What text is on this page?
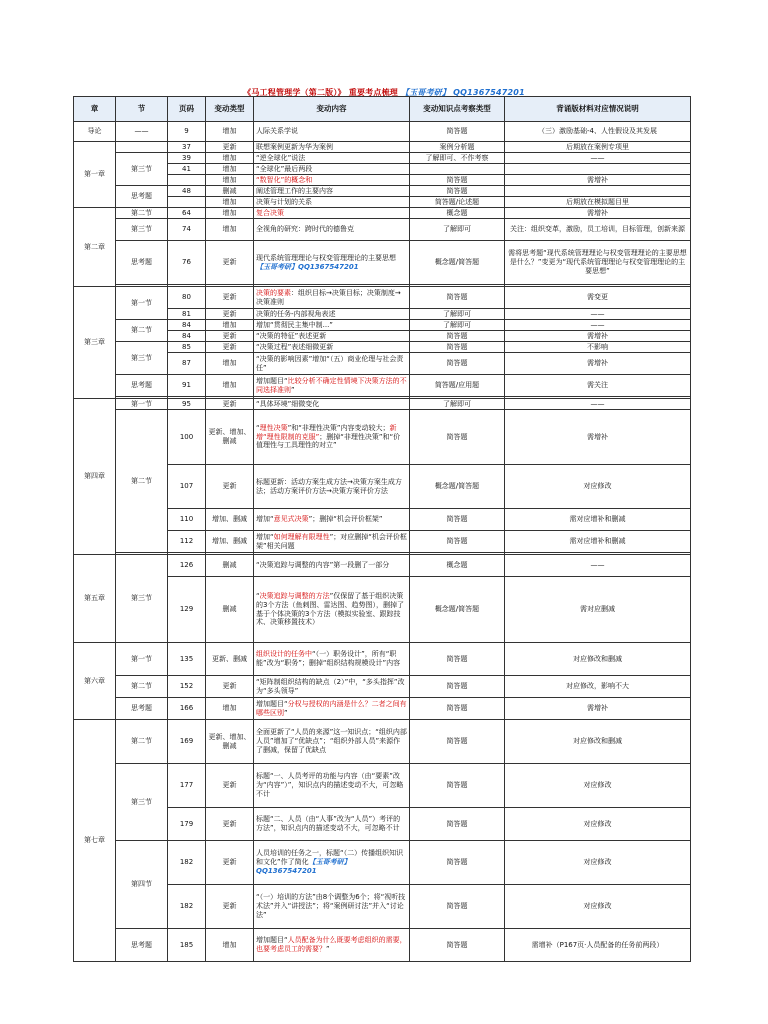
《马工程管理学（第二版）》 重要考点梳理 【玉哥考研】 QQ1367547201
章	节	页码	变动类型	变动内容	变动知识点考察类型	背诵版材料对应情况说明
导论	——	9	增加	人际关系学说	简答题	（三）激励基础-4、人性假设及其发展
第一章		37	更新	联想案例更新为华为案例	案例分析题	后期放在案例专项里
	第三节	39	增加	“逆全球化”说法	了解即可、不作考察	——
		41	增加	“全球化”最后两段		
			增加	“数智化”的概念和	简答题	需增补
	思考题	48	删减	阐述管理工作的主要内容	简答题	
			增加	决策与计划的关系	简答题/论述题	后期放在模拟题目里
第二章	第二节	64	增加	复合决策	概念题	需增补
	第三节	74	增加	全视角的研究：跨时代的德鲁克	了解即可	关注：组织变革，激励，员工培训，目标管理，创新来源
	思考题	76	更新	现代系统管理理论与权变管理理论的主要思想【玉哥考研】QQ1367547201	概念题/简答题	需将思考题“现代系统管理理论与权变管理理论的主要思想是什么？”变更为“现代系统管理理论与权变管理理论的主要思想”

第三章	第一节	80	更新	决策的要素：组织目标→决策目标；决策制度→决策准则	简答题	需变更
		81	更新	决策的任务-内部视角表述	了解即可	——
	第二节	84	增加	增加“贯彻民主集中制...”	了解即可	——
		84	更新	“决策的特征”表述更新	简答题	需增补
	第三节	85	更新	“决策过程”表述细微更新	简答题	不影响
		87	增加	“决策的影响因素”增加“（五）商业伦理与社会责任”	简答题	需增补
	思考题	91	增加	增加题目“比较分析不确定性情境下决策方法的不同选择准则”	简答题/应用题	需关注

第四章	第一节	95	更新	“具体环境”细微变化	了解即可	——
	第二节	100	更新、增加、删减	“理性决策”和“非理性决策”内容变动较大；新增“理性限制的克服”；删掉“非理性决策”和“价值理性与工具理性的对立”	简答题	需增补
		107	更新	标题更新：活动方案生成方法→决策方案生成方法；活动方案评价方法→决策方案评价方法	概念题/简答题	对应修改
		110	增加、删减	增加“意见式决策”；删掉“机会评价框架”	简答题	需对应增补和删减
		112	增加、删减	增加“如何理解有限理性”；对应删掉“机会评价框架”相关问题	简答题	需对应增补和删减

第五章	第三节	126	删减	“决策追踪与调整的内容”第一段删了一部分	概念题	——
		129	删减	“决策追踪与调整的方法”仅保留了基于组织决策的3个方法（鱼刺图、雷达图、趋势图），删掉了基于个体决策的3个方法（模拟实验室、跟踪技术、决策移置技术）	概念题/简答题	需对应删减
第六章	第一节	135	更新、删减	组织设计的任务中“（一）职务设计”，所有“职能”改为“职务”；删掉“组织结构规模设计”内容	简答题	对应修改和删减
	第二节	152	更新	“矩阵制组织结构的缺点（2）”中，“多头指挥”改为“多头领导”	简答题	对应修改，影响不大
	思考题	166	增加	增加题目“分权与授权的内涵是什么？二者之间有哪些区别”	简答题	需增补
第七章	第二节	169	更新、增加、删减	全面更新了“人员的来源”这一知识点；“组织内部人员”增加了“优缺点”；“组织外部人员”来源作了删减，保留了优缺点	简答题	对应修改和删减
	第三节	177	更新	标题“一、人员考评的功能与内容（由“要素”改为“内容”）”，知识点内的描述变动不大，可忽略不计	简答题	对应修改
		179	更新	标题“二、人员（由“人事”改为“人员”）考评的方法”，知识点内的描述变动不大，可忽略不计	简答题	对应修改
	第四节	182	更新	人员培训的任务之一，标题“（二）传播组织知识和文化”作了简化【玉哥考研】QQ1367547201	简答题	对应修改
		182	更新	“（一）培训的方法”由8个调整为6个；将“视听技术法”并入“讲授法”；将“案例研讨法”并入“讨论法”	简答题	对应修改
	思考题	185	增加	增加题目“人员配备为什么既要考虑组织的需要，也要考虑员工的需要？”	简答题	需增补（P167页·人员配备的任务前两段）
